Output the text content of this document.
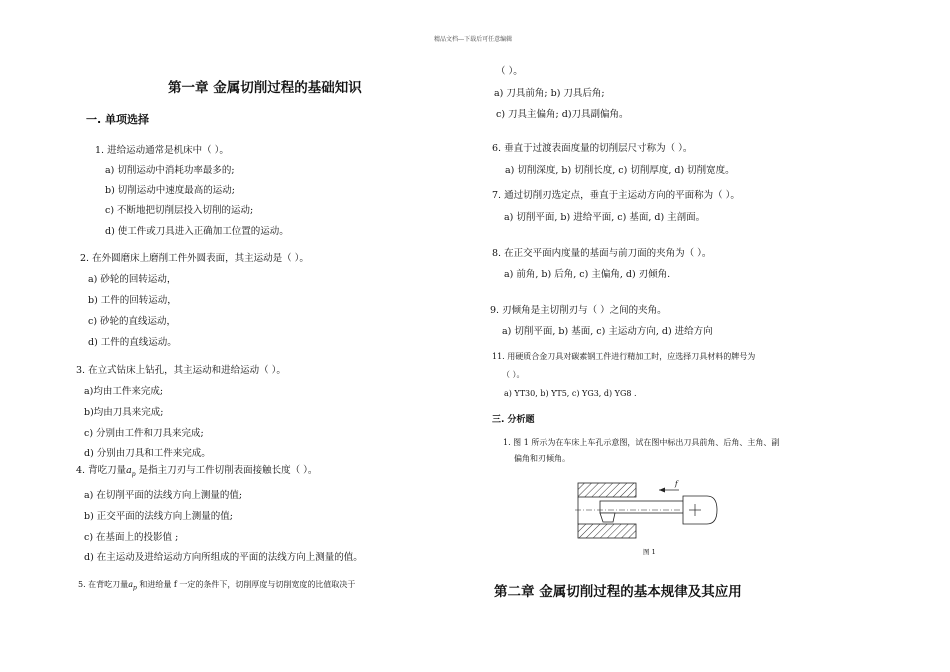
精品文档---下载后可任意编辑
第一章 金属切削过程的基础知识
一. 单项选择
1. 进给运动通常是机床中（ ）。
a) 切削运动中消耗功率最多的;
b) 切削运动中速度最高的运动;
c) 不断地把切削层投入切削的运动;
d) 使工件或刀具进入正确加工位置的运动。
2. 在外圆磨床上磨削工件外圆表面，其主运动是（ ）。
a) 砂轮的回转运动，
b) 工件的回转运动，
c) 砂轮的直线运动，
d) 工件的直线运动。
3. 在立式钻床上钻孔，其主运动和进给运动（ ）。
a)均由工件来完成;
b)均由刀具来完成;
c) 分别由工件和刀具来完成;
d) 分别由刀具和工件来完成。
4. 背吃刀量$a_p$ 是指主刀刃与工件切削表面接触长度（ ）。
a) 在切削平面的法线方向上测量的值;
b) 正交平面的法线方向上测量的值;
c) 在基面上的投影值 ;
d) 在主运动及进给运动方向所组成的平面的法线方向上测量的值。
5. 在背吃刀量$a_p$ 和进给量 f 一定的条件下，切削厚度与切削宽度的比值取决于
（ ）。
a) 刀具前角; b) 刀具后角;
c) 刀具主偏角; d)刀具副偏角。
6. 垂直于过渡表面度量的切削层尺寸称为（ ）。
a) 切削深度, b) 切削长度, c) 切削厚度, d) 切削宽度。
7. 通过切削刃选定点，垂直于主运动方向的平面称为（ ）。
a) 切削平面, b) 进给平面, c) 基面, d) 主剖面。
8. 在正交平面内度量的基面与前刀面的夹角为（ ）。
a) 前角, b) 后角, c) 主偏角, d) 刃倾角.
9. 刃倾角是主切削刃与（ ）之间的夹角。
a) 切削平面, b) 基面, c) 主运动方向, d) 进给方向
11. 用硬质合金刀具对碳素钢工件进行精加工时，应选择刀具材料的牌号为
（ ）。
a) YT30, b) YT5, c) YG3, d) YG8 .
三. 分析题
1. 图 1 所示为在车床上车孔示意图，试在图中标出刀具前角、后角、主角、副
偏角和刃倾角。
f
图 1
第二章 金属切削过程的基本规律及其应用
